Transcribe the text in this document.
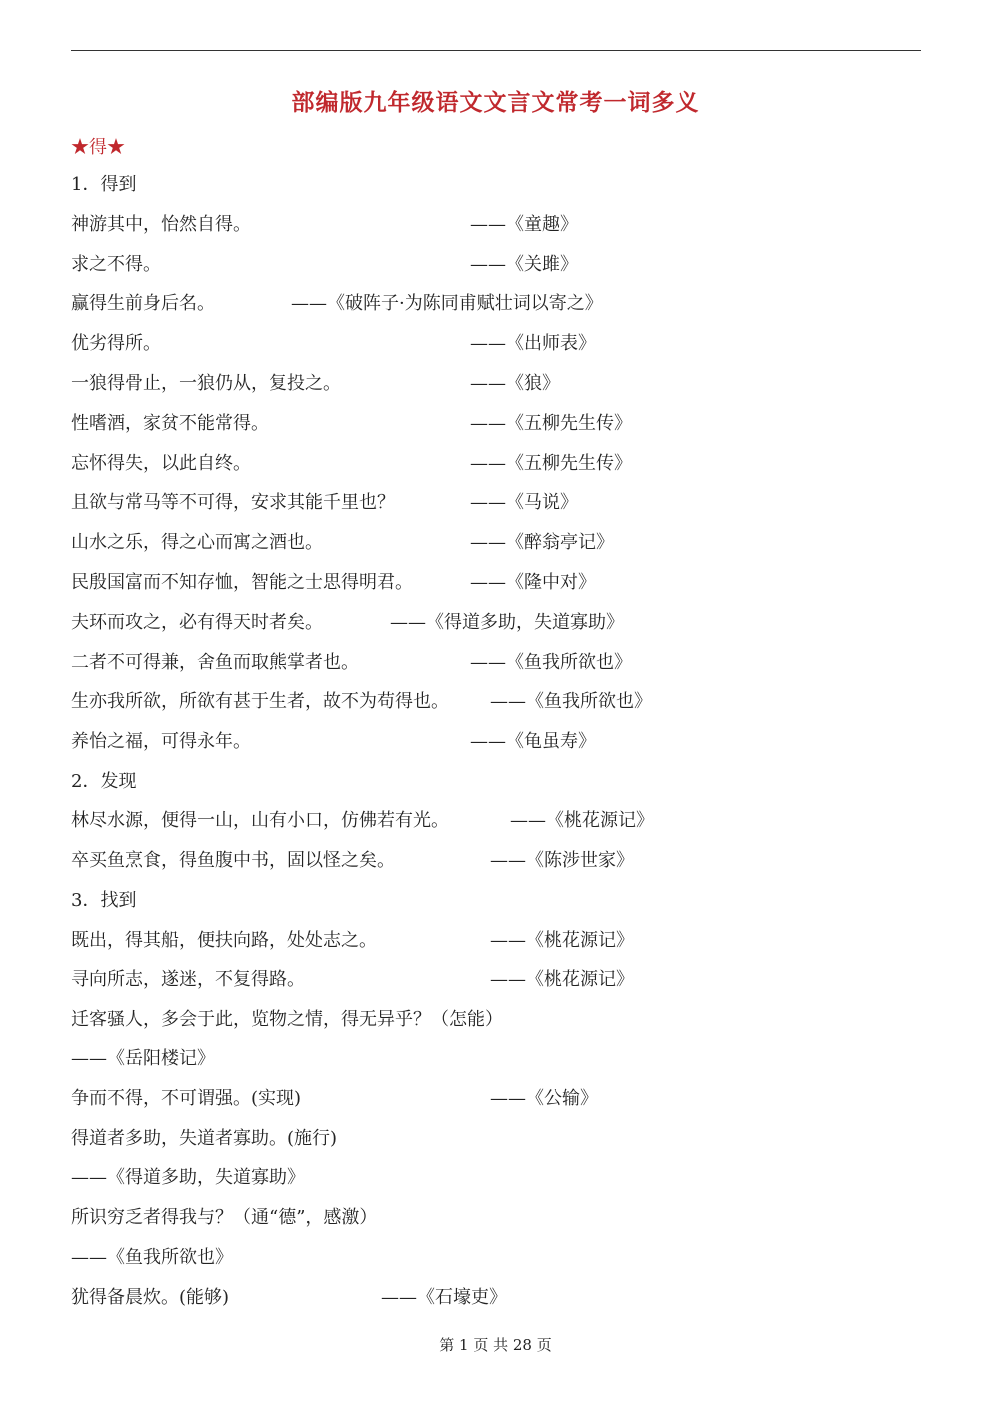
部编版九年级语文文言文常考一词多义
★得★
1．得到
神游其中，怡然自得。	——《童趣》
求之不得。	——《关雎》
赢得生前身后名。	——《破阵子·为陈同甫赋壮词以寄之》
优劣得所。	——《出师表》
一狼得骨止，一狼仍从，复投之。	——《狼》
性嗜酒，家贫不能常得。	——《五柳先生传》
忘怀得失，以此自终。	——《五柳先生传》
且欲与常马等不可得，安求其能千里也？	——《马说》
山水之乐，得之心而寓之酒也。	——《醉翁亭记》
民殷国富而不知存恤，智能之士思得明君。	——《隆中对》
夫环而攻之，必有得天时者矣。	——《得道多助，失道寡助》
二者不可得兼，舍鱼而取熊掌者也。	——《鱼我所欲也》
生亦我所欲，所欲有甚于生者，故不为苟得也。 ——《鱼我所欲也》
养怡之福，可得永年。	——《龟虽寿》
2．发现
林尽水源，便得一山，山有小口，仿佛若有光。	——《桃花源记》
卒买鱼烹食，得鱼腹中书，固以怪之矣。	——《陈涉世家》
3．找到
既出，得其船，便扶向路，处处志之。	——《桃花源记》
寻向所志，遂迷，不复得路。	——《桃花源记》
迁客骚人，多会于此，览物之情，得无异乎？（怎能）
——《岳阳楼记》
争而不得，不可谓强。(实现)	——《公输》
得道者多助，失道者寡助。(施行)
——《得道多助，失道寡助》
所识穷乏者得我与？（通“德”，感激）
——《鱼我所欲也》
犹得备晨炊。(能够)	——《石壕吏》
第 1 页 共 28 页
